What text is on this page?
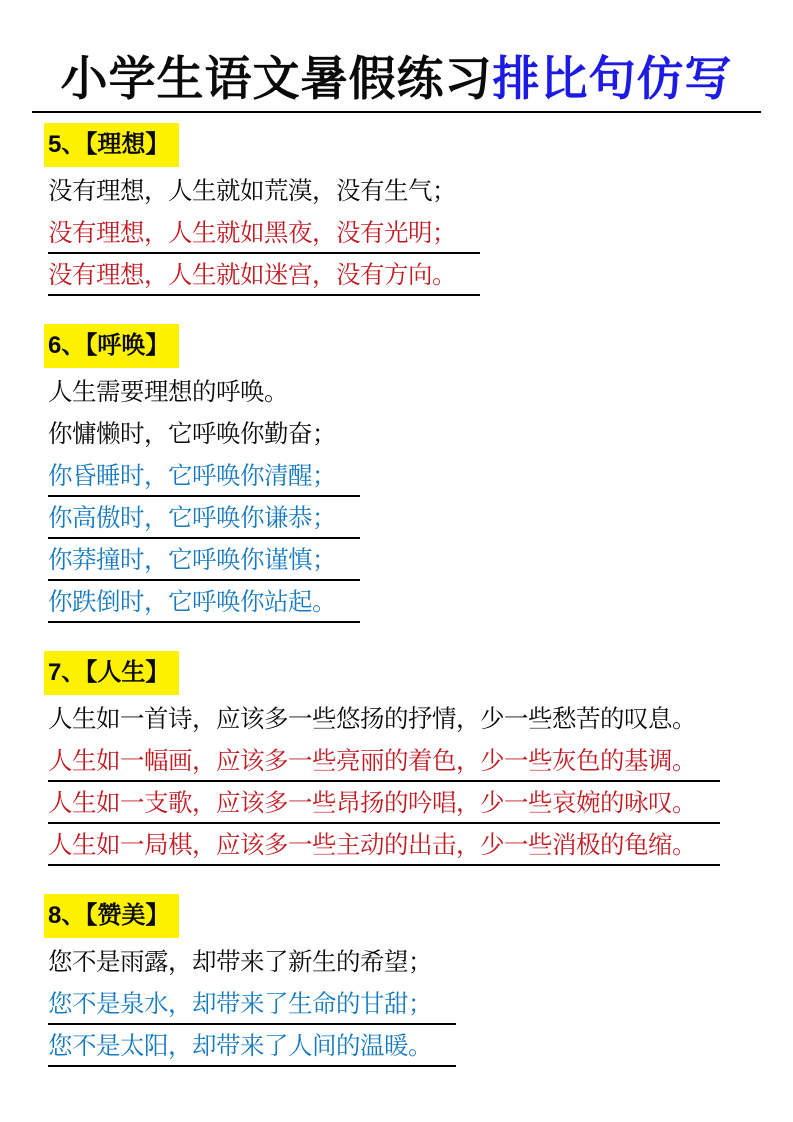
小学生语文暑假练习排比句仿写
5、【理想】
没有理想，人生就如荒漠，没有生气；
没有理想，人生就如黑夜，没有光明；
没有理想，人生就如迷宫，没有方向。
6、【呼唤】
人生需要理想的呼唤。
你慵懒时，它呼唤你勤奋；
你昏睡时，它呼唤你清醒；
你高傲时，它呼唤你谦恭；
你莽撞时，它呼唤你谨慎；
你跌倒时，它呼唤你站起。
7、【人生】
人生如一首诗，应该多一些悠扬的抒情，少一些愁苦的叹息。
人生如一幅画，应该多一些亮丽的着色，少一些灰色的基调。
人生如一支歌，应该多一些昂扬的吟唱，少一些哀婉的咏叹。
人生如一局棋，应该多一些主动的出击，少一些消极的龟缩。
8、【赞美】
您不是雨露，却带来了新生的希望；
您不是泉水，却带来了生命的甘甜；
您不是太阳，却带来了人间的温暖。
